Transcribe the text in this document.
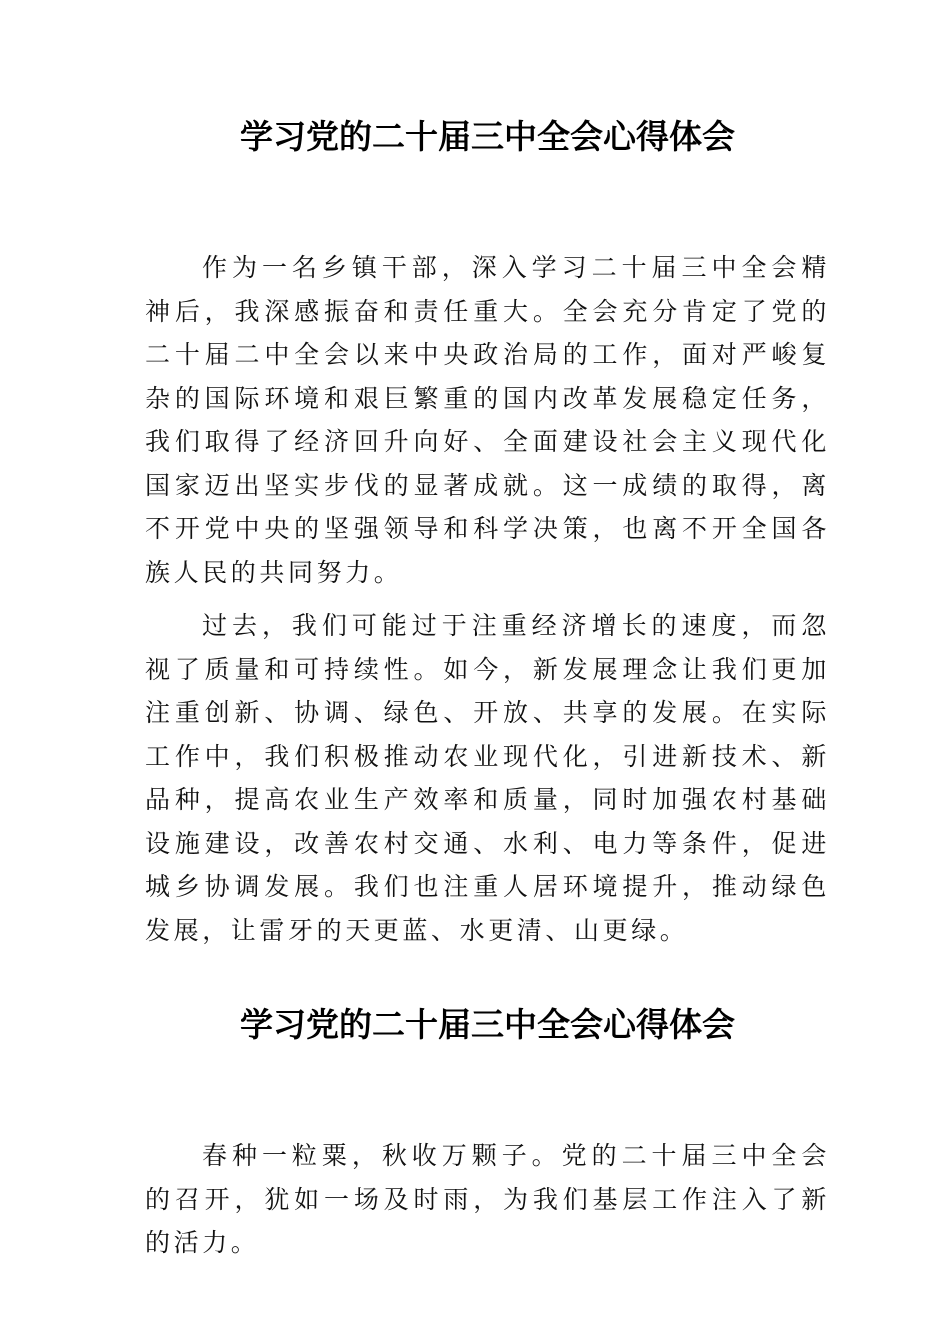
学习党的二十届三中全会心得体会

作为一名乡镇干部，深入学习二十届三中全会精神后，我深感振奋和责任重大。全会充分肯定了党的二十届二中全会以来中央政治局的工作，面对严峻复杂的国际环境和艰巨繁重的国内改革发展稳定任务，我们取得了经济回升向好、全面建设社会主义现代化国家迈出坚实步伐的显著成就。这一成绩的取得，离不开党中央的坚强领导和科学决策，也离不开全国各族人民的共同努力。

过去，我们可能过于注重经济增长的速度，而忽视了质量和可持续性。如今，新发展理念让我们更加注重创新、协调、绿色、开放、共享的发展。在实际工作中，我们积极推动农业现代化，引进新技术、新品种，提高农业生产效率和质量，同时加强农村基础设施建设，改善农村交通、水利、电力等条件，促进城乡协调发展。我们也注重人居环境提升，推动绿色发展，让雷牙的天更蓝、水更清、山更绿。

学习党的二十届三中全会心得体会

春种一粒粟，秋收万颗子。党的二十届三中全会的召开，犹如一场及时雨，为我们基层工作注入了新的活力。
